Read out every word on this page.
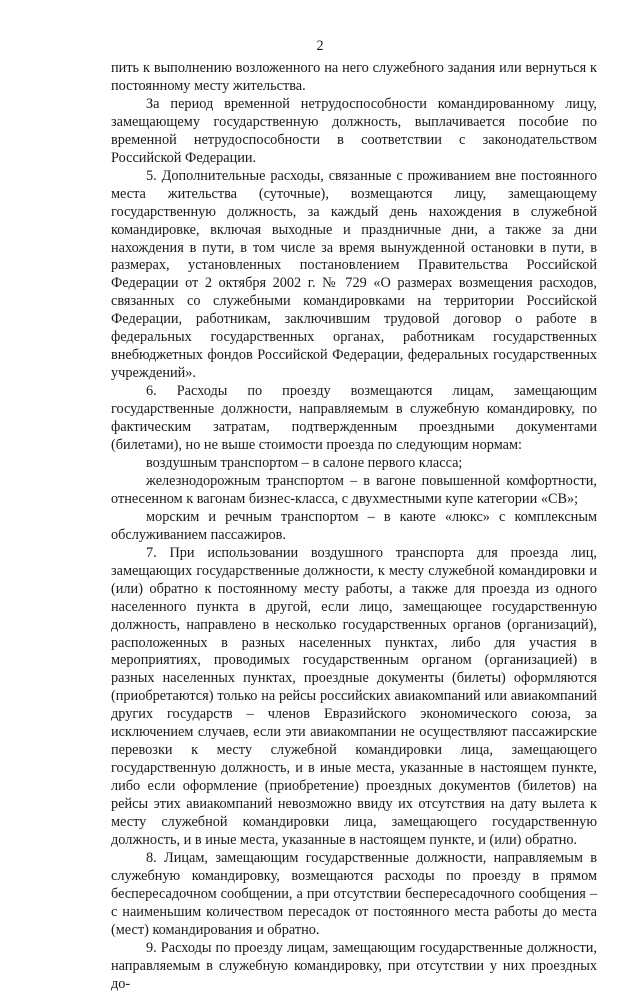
2

пить к выполнению возложенного на него служебного задания или вернуться к постоянному месту жительства.

За период временной нетрудоспособности командированному лицу, замещающему государственную должность, выплачивается пособие по временной нетрудоспособности в соответствии с законодательством Российской Федерации.

5. Дополнительные расходы, связанные с проживанием вне постоянного места жительства (суточные), возмещаются лицу, замещающему государственную должность, за каждый день нахождения в служебной командировке, включая выходные и праздничные дни, а также за дни нахождения в пути, в том числе за время вынужденной остановки в пути, в размерах, установленных постановлением Правительства Российской Федерации от 2 октября 2002 г. № 729 «О размерах возмещения расходов, связанных со служебными командировками на территории Российской Федерации, работникам, заключившим трудовой договор о работе в федеральных государственных органах, работникам государственных внебюджетных фондов Российской Федерации, федеральных государственных учреждений».

6. Расходы по проезду возмещаются лицам, замещающим государственные должности, направляемым в служебную командировку, по фактическим затратам, подтвержденным проездными документами (билетами), но не выше стоимости проезда по следующим нормам:

воздушным транспортом – в салоне первого класса;

железнодорожным транспортом – в вагоне повышенной комфортности, отнесенном к вагонам бизнес-класса, с двухместными купе категории «СВ»;

морским и речным транспортом – в каюте «люкс» с комплексным обслуживанием пассажиров.

7. При использовании воздушного транспорта для проезда лиц, замещающих государственные должности, к месту служебной командировки и (или) обратно к постоянному месту работы, а также для проезда из одного населенного пункта в другой, если лицо, замещающее государственную должность, направлено в несколько государственных органов (организаций), расположенных в разных населенных пунктах, либо для участия в мероприятиях, проводимых государственным органом (организацией) в разных населенных пунктах, проездные документы (билеты) оформляются (приобретаются) только на рейсы российских авиакомпаний или авиакомпаний других государств – членов Евразийского экономического союза, за исключением случаев, если эти авиакомпании не осуществляют пассажирские перевозки к месту служебной командировки лица, замещающего государственную должность, и в иные места, указанные в настоящем пункте, либо если оформление (приобретение) проездных документов (билетов) на рейсы этих авиакомпаний невозможно ввиду их отсутствия на дату вылета к месту служебной командировки лица, замещающего государственную должность, и в иные места, указанные в настоящем пункте, и (или) обратно.

8. Лицам, замещающим государственные должности, направляемым в служебную командировку, возмещаются расходы по проезду в прямом беспересадочном сообщении, а при отсутствии беспересадочного сообщения – с наименьшим количеством пересадок от постоянного места работы до места (мест) командирования и обратно.

9. Расходы по проезду лицам, замещающим государственные должности, направляемым в служебную командировку, при отсутствии у них проездных до-
